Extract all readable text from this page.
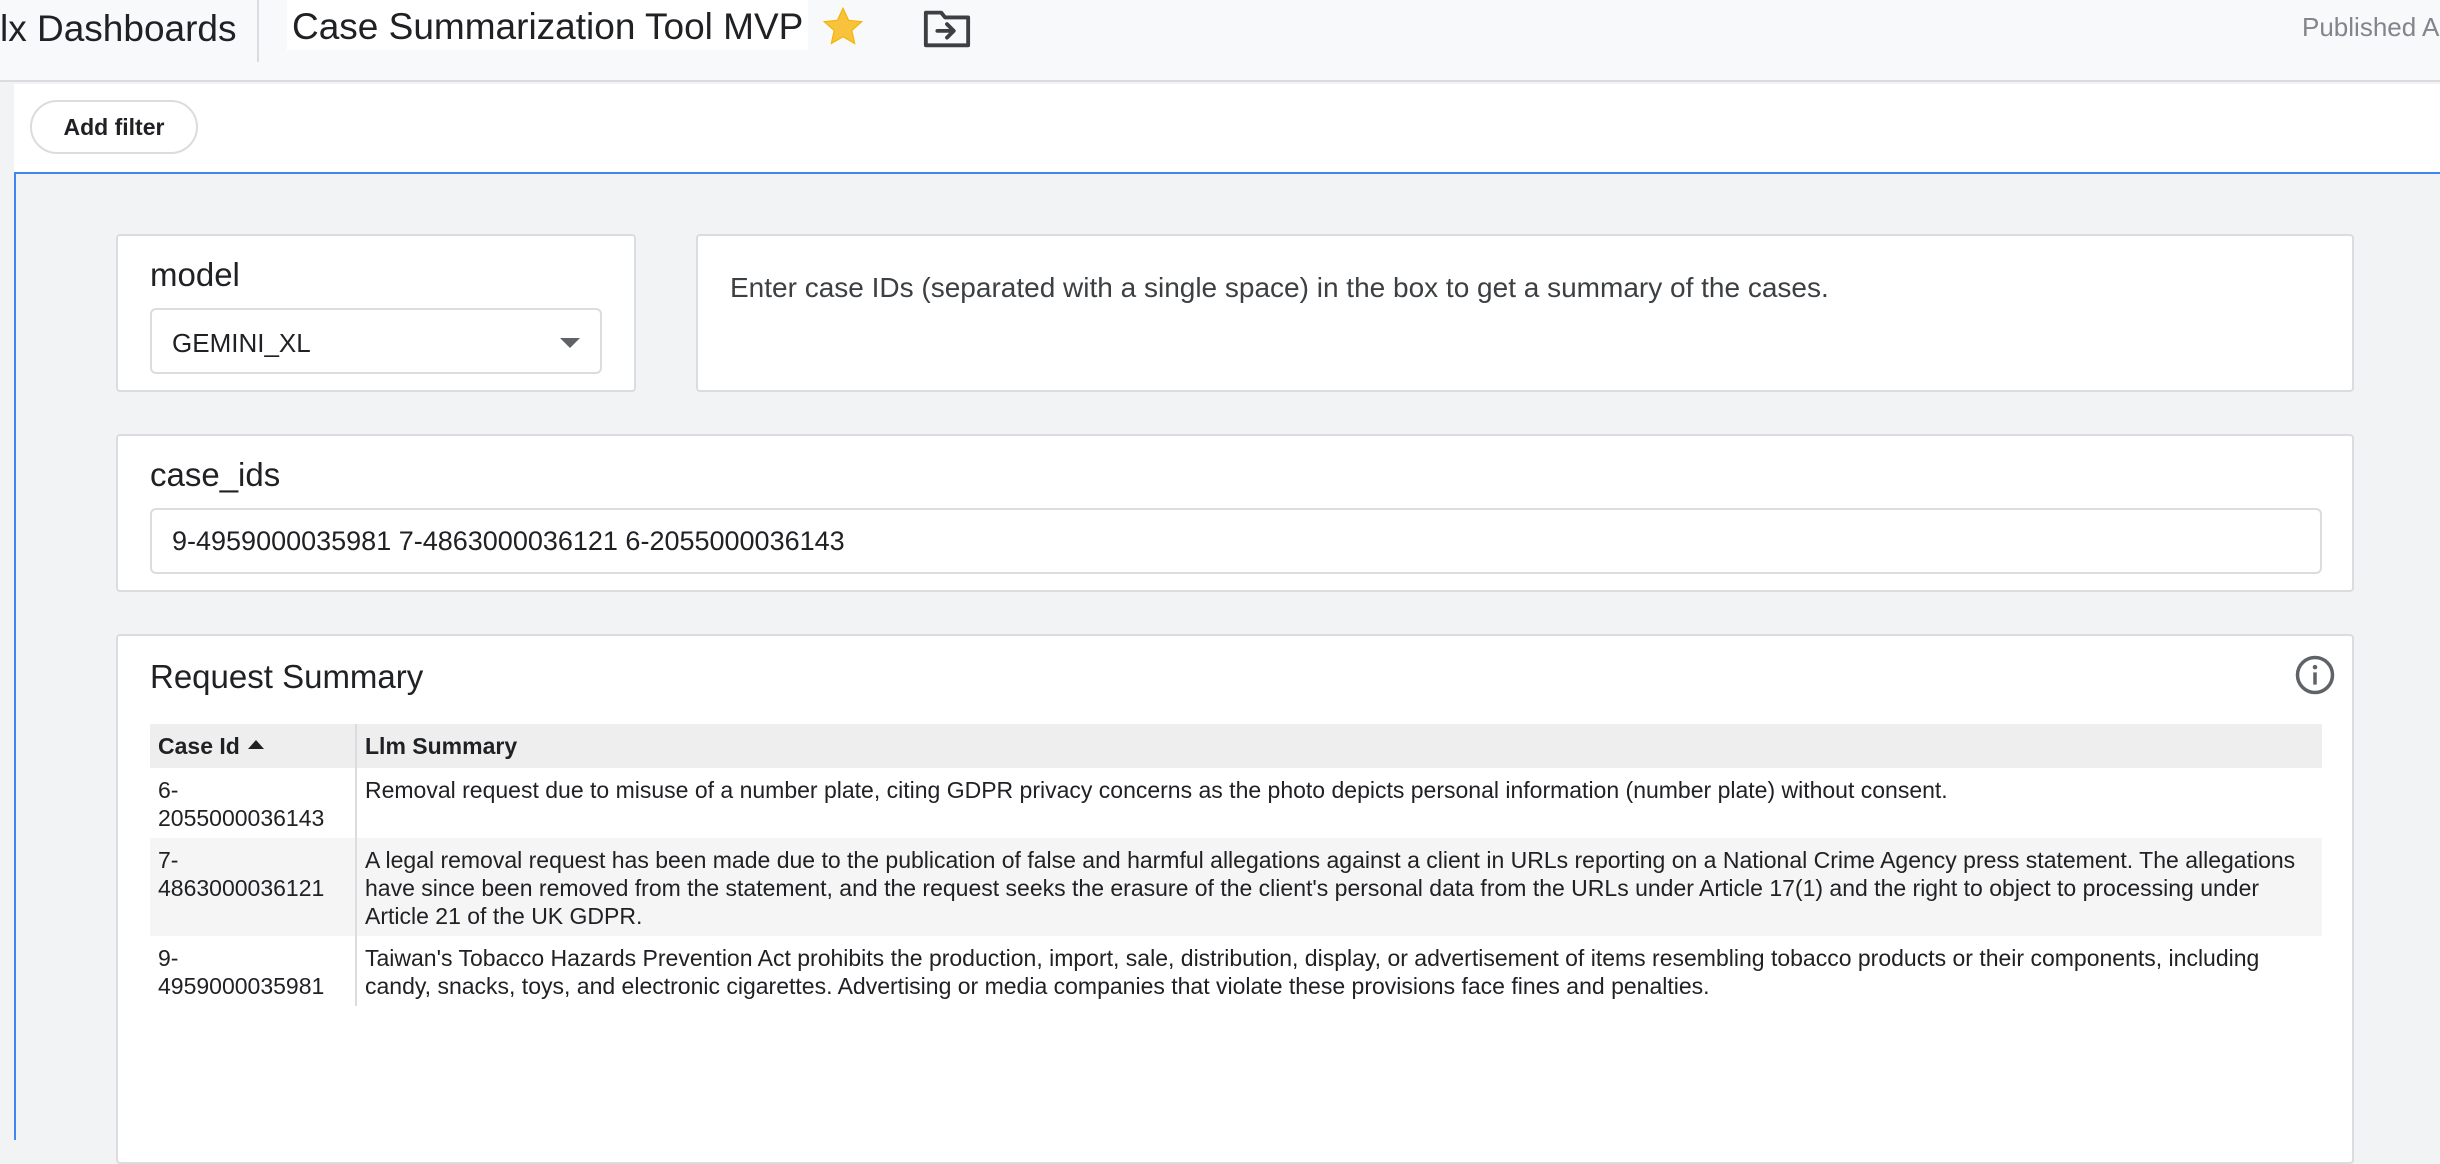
lx Dashboards Case Summarization Tool MVP	Published A
Add filter
model
GEMINI_XL
Enter case IDs (separated with a single space) in the box to get a summary of the cases.
case_ids
9-4959000035981 7-4863000036121 6-2055000036143
Request Summary
Case Id	Llm Summary
6-
2055000036143	Removal request due to misuse of a number plate, citing GDPR privacy concerns as the photo depicts personal information (number plate) without consent.
7-
4863000036121	A legal removal request has been made due to the publication of false and harmful allegations against a client in URLs reporting on a National Crime Agency press statement. The allegations have since been removed from the statement, and the request seeks the erasure of the client's personal data from the URLs under Article 17(1) and the right to object to processing under Article 21 of the UK GDPR.
9-
4959000035981	Taiwan's Tobacco Hazards Prevention Act prohibits the production, import, sale, distribution, display, or advertisement of items resembling tobacco products or their components, including candy, snacks, toys, and electronic cigarettes. Advertising or media companies that violate these provisions face fines and penalties.
